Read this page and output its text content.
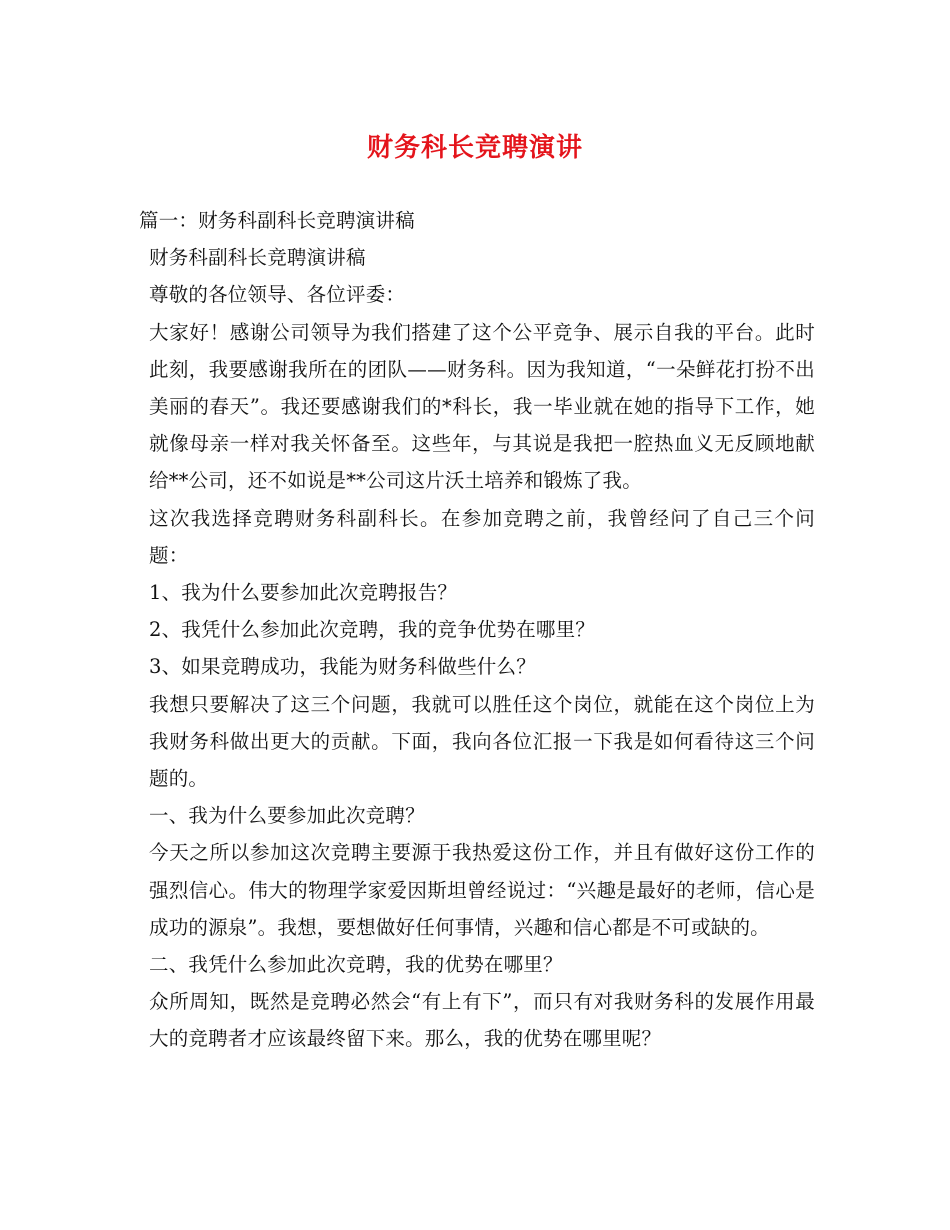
财务科长竞聘演讲

篇一：财务科副科长竞聘演讲稿

财务科副科长竞聘演讲稿

尊敬的各位领导、各位评委：

大家好！感谢公司领导为我们搭建了这个公平竞争、展示自我的平台。此时此刻，我要感谢我所在的团队——财务科。因为我知道，“一朵鲜花打扮不出美丽的春天”。我还要感谢我们的*科长，我一毕业就在她的指导下工作，她就像母亲一样对我关怀备至。这些年，与其说是我把一腔热血义无反顾地献给**公司，还不如说是**公司这片沃土培养和锻炼了我。

这次我选择竞聘财务科副科长。在参加竞聘之前，我曾经问了自己三个问题：

1、我为什么要参加此次竞聘报告？

2、我凭什么参加此次竞聘，我的竞争优势在哪里？

3、如果竞聘成功，我能为财务科做些什么？

我想只要解决了这三个问题，我就可以胜任这个岗位，就能在这个岗位上为我财务科做出更大的贡献。下面，我向各位汇报一下我是如何看待这三个问题的。

一、我为什么要参加此次竞聘？

今天之所以参加这次竞聘主要源于我热爱这份工作，并且有做好这份工作的强烈信心。伟大的物理学家爱因斯坦曾经说过：“兴趣是最好的老师，信心是成功的源泉”。我想，要想做好任何事情，兴趣和信心都是不可或缺的。

二、我凭什么参加此次竞聘，我的优势在哪里？

众所周知，既然是竞聘必然会“有上有下”，而只有对我财务科的发展作用最大的竞聘者才应该最终留下来。那么，我的优势在哪里呢？
